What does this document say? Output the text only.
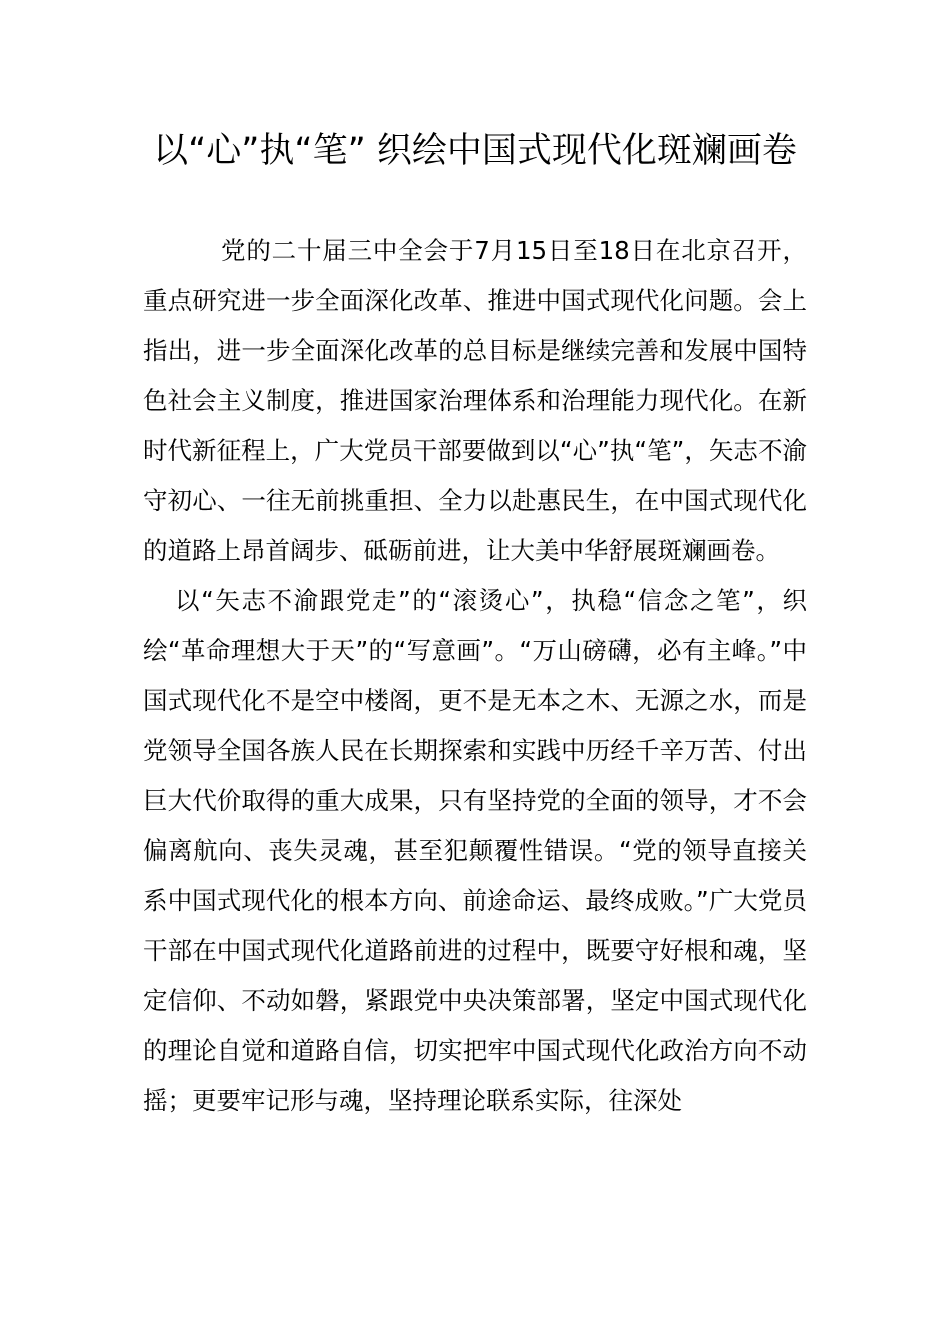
以“心”执“笔” 织绘中国式现代化斑斓画卷

党的二十届三中全会于7月15日至18日在北京召开，重点研究进一步全面深化改革、推进中国式现代化问题。会上指出，进一步全面深化改革的总目标是继续完善和发展中国特色社会主义制度，推进国家治理体系和治理能力现代化。在新时代新征程上，广大党员干部要做到以“心”执“笔”，矢志不渝守初心、一往无前挑重担、全力以赴惠民生，在中国式现代化的道路上昂首阔步、砥砺前进，让大美中华舒展斑斓画卷。

以“矢志不渝跟党走”的“滚烫心”，执稳“信念之笔”，织绘“革命理想大于天”的“写意画”。“万山磅礴，必有主峰。”中国式现代化不是空中楼阁，更不是无本之木、无源之水，而是党领导全国各族人民在长期探索和实践中历经千辛万苦、付出巨大代价取得的重大成果，只有坚持党的全面的领导，才不会偏离航向、丧失灵魂，甚至犯颠覆性错误。“党的领导直接关系中国式现代化的根本方向、前途命运、最终成败。”广大党员干部在中国式现代化道路前进的过程中，既要守好根和魂，坚定信仰、不动如磐，紧跟党中央决策部署，坚定中国式现代化的理论自觉和道路自信，切实把牢中国式现代化政治方向不动摇；更要牢记形与魂，坚持理论联系实际，往深处
